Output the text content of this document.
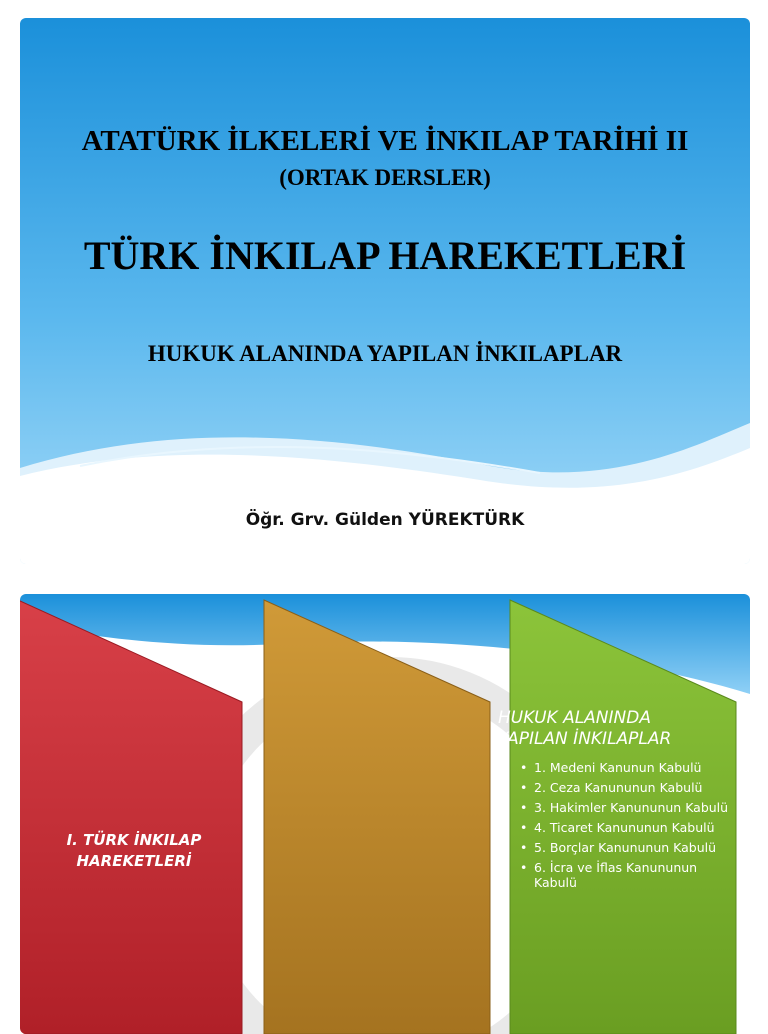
ATATÜRK İLKELERİ VE İNKILAP TARİHİ II
(ORTAK DERSLER)
TÜRK İNKILAP HAREKETLERİ
HUKUK ALANINDA YAPILAN İNKILAPLAR
Öğr. Grv. Gülden YÜREKTÜRK
I. TÜRK İNKILAP HAREKETLERİ
HUKUK ALANINDA YAPILAN İNKILAPLAR
• 1. Medeni Kanunun Kabulü
• 2. Ceza Kanununun Kabulü
• 3. Hakimler Kanununun Kabulü
• 4. Ticaret Kanununun Kabulü
• 5. Borçlar Kanununun Kabulü
• 6. İcra ve İflas Kanununun Kabulü
